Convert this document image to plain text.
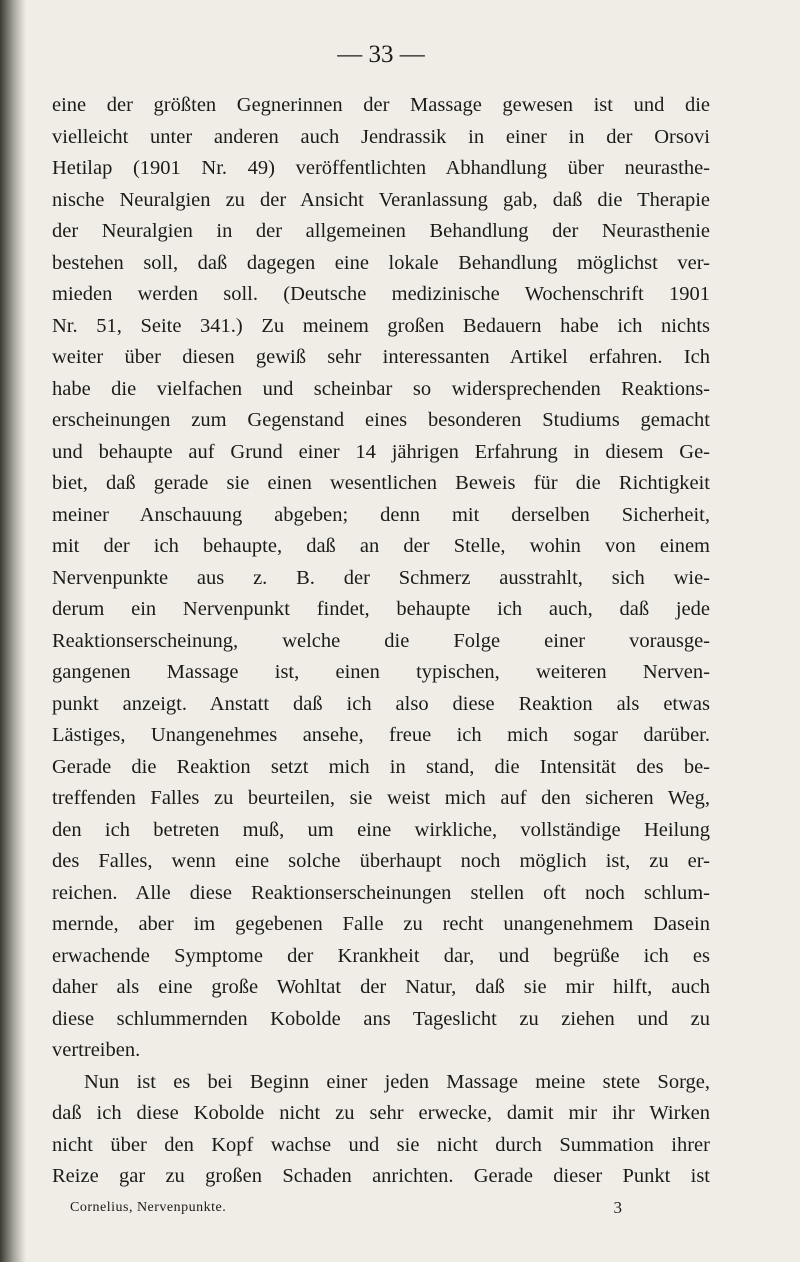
— 33 —
eine der größten Gegnerinnen der Massage gewesen ist und die
vielleicht unter anderen auch Jendrassik in einer in der Orsovi
Hetilap (1901 Nr. 49) veröffentlichten Abhandlung über neurasthe-
nische Neuralgien zu der Ansicht Veranlassung gab, daß die Therapie
der Neuralgien in der allgemeinen Behandlung der Neurasthenie
bestehen soll, daß dagegen eine lokale Behandlung möglichst ver-
mieden werden soll. (Deutsche medizinische Wochenschrift 1901
Nr. 51, Seite 341.) Zu meinem großen Bedauern habe ich nichts
weiter über diesen gewiß sehr interessanten Artikel erfahren. Ich
habe die vielfachen und scheinbar so widersprechenden Reaktions-
erscheinungen zum Gegenstand eines besonderen Studiums gemacht
und behaupte auf Grund einer 14 jährigen Erfahrung in diesem Ge-
biet, daß gerade sie einen wesentlichen Beweis für die Richtigkeit
meiner Anschauung abgeben; denn mit derselben Sicherheit,
mit der ich behaupte, daß an der Stelle, wohin von einem
Nervenpunkte aus z. B. der Schmerz ausstrahlt, sich wie-
derum ein Nervenpunkt findet, behaupte ich auch, daß jede
Reaktionserscheinung, welche die Folge einer vorausge-
gangenen Massage ist, einen typischen, weiteren Nerven-
punkt anzeigt. Anstatt daß ich also diese Reaktion als etwas
Lästiges, Unangenehmes ansehe, freue ich mich sogar darüber.
Gerade die Reaktion setzt mich in stand, die Intensität des be-
treffenden Falles zu beurteilen, sie weist mich auf den sicheren Weg,
den ich betreten muß, um eine wirkliche, vollständige Heilung
des Falles, wenn eine solche überhaupt noch möglich ist, zu er-
reichen. Alle diese Reaktionserscheinungen stellen oft noch schlum-
mernde, aber im gegebenen Falle zu recht unangenehmem Dasein
erwachende Symptome der Krankheit dar, und begrüße ich es
daher als eine große Wohltat der Natur, daß sie mir hilft, auch
diese schlummernden Kobolde ans Tageslicht zu ziehen und zu
vertreiben.
Nun ist es bei Beginn einer jeden Massage meine stete Sorge,
daß ich diese Kobolde nicht zu sehr erwecke, damit mir ihr Wirken
nicht über den Kopf wachse und sie nicht durch Summation ihrer
Reize gar zu großen Schaden anrichten. Gerade dieser Punkt ist
Cornelius, Nervenpunkte.	3
